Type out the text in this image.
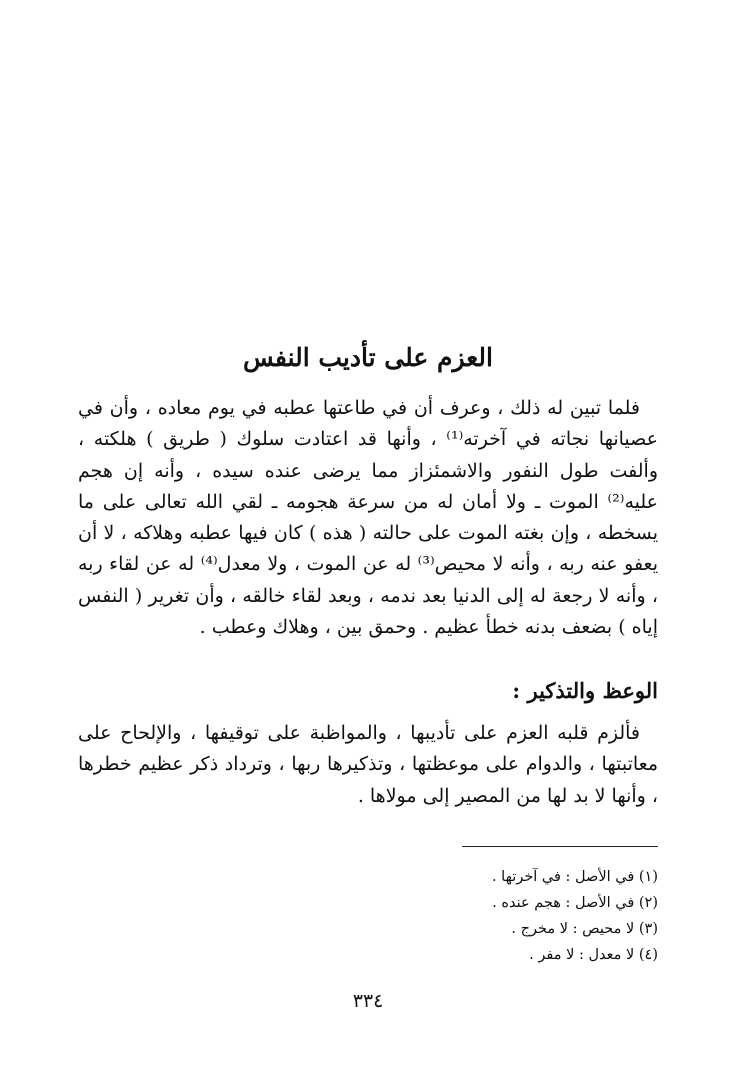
العزم على تأديب النفس

فلما تبين له ذلك ، وعرف أن في طاعتها عطبه في يوم معاده ، وأن في عصيانها نجاته في آخرته⁽¹⁾ ، وأنها قد اعتادت سلوك ( طريق ) هلكته ، وألفت طول النفور والاشمئزاز مما يرضى عنده سيده ، وأنه إن هجم عليه⁽²⁾ الموت ـ ولا أمان له من سرعة هجومه ـ لقي الله تعالى على ما يسخطه ، وإن بغته الموت على حالته ( هذه ) كان فيها عطبه وهلاكه ، لا أن يعفو عنه ربه ، وأنه لا محيص⁽³⁾ له عن الموت ، ولا معدل⁽⁴⁾ له عن لقاء ربه ، وأنه لا رجعة له إلى الدنيا بعد ندمه ، وبعد لقاء خالقه ، وأن تغرير ( النفس إياه ) بضعف بدنه خطأ عظيم . وحمق بين ، وهلاك وعطب .

الوعظ والتذكير :

فألزم قلبه العزم على تأديبها ، والمواظبة على توقيفها ، والإلحاح على معاتبتها ، والدوام على موعظتها ، وتذكيرها ربها ، وترداد ذكر عظيم خطرها ، وأنها لا بد لها من المصير إلى مولاها .

(١) في الأصل : في آخرتها .
(٢) في الأصل : هجم عنده .
(٣) لا محيص : لا مخرج .
(٤) لا معدل : لا مفر .

٣٣٤
